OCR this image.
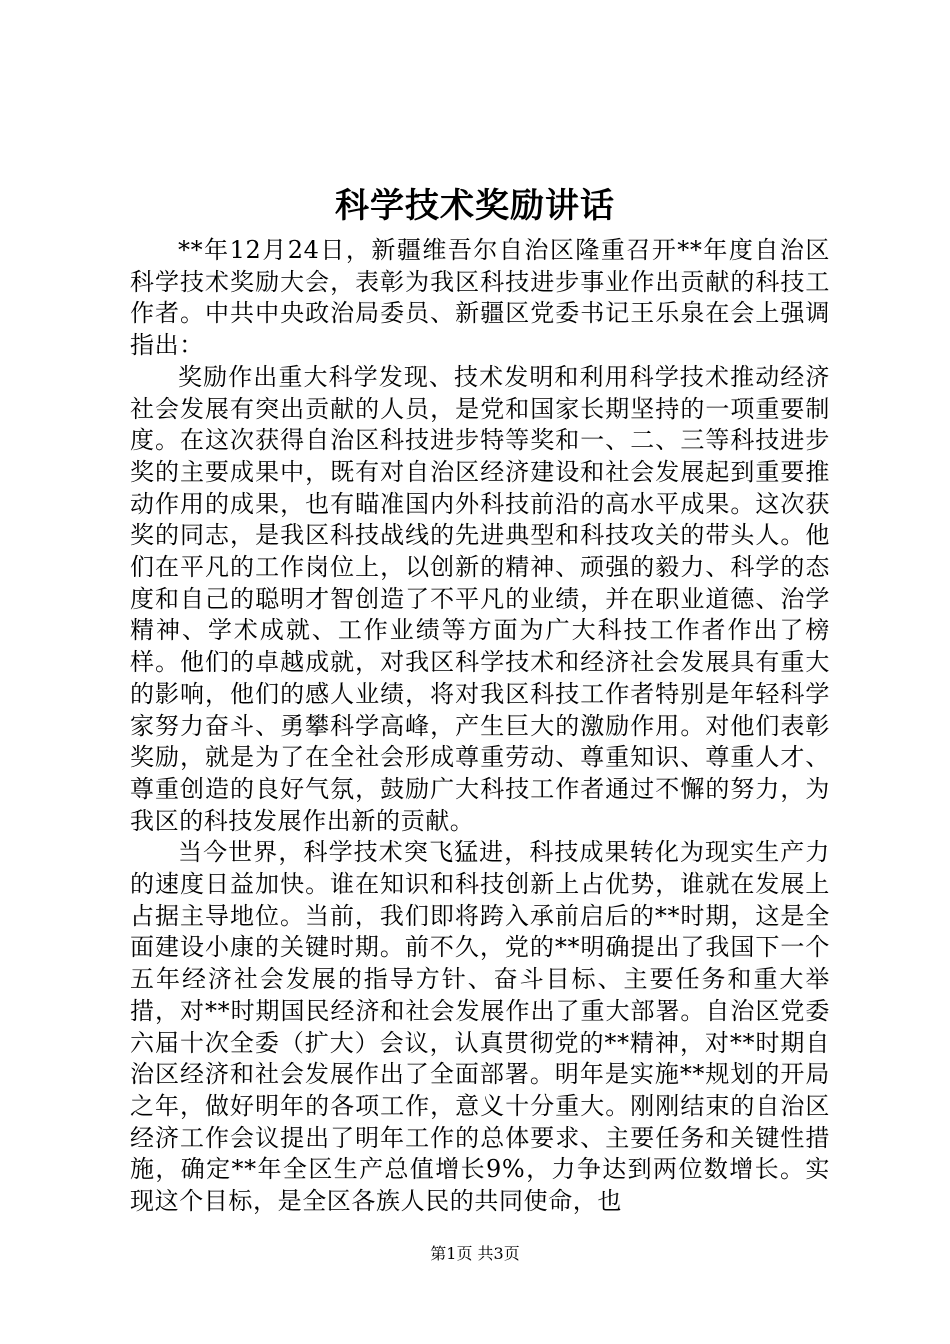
科学技术奖励讲话

**年12月24日，新疆维吾尔自治区隆重召开**年度自治区科学技术奖励大会，表彰为我区科技进步事业作出贡献的科技工作者。中共中央政治局委员、新疆区党委书记王乐泉在会上强调指出：

奖励作出重大科学发现、技术发明和利用科学技术推动经济社会发展有突出贡献的人员，是党和国家长期坚持的一项重要制度。在这次获得自治区科技进步特等奖和一、二、三等科技进步奖的主要成果中，既有对自治区经济建设和社会发展起到重要推动作用的成果，也有瞄准国内外科技前沿的高水平成果。这次获奖的同志，是我区科技战线的先进典型和科技攻关的带头人。他们在平凡的工作岗位上，以创新的精神、顽强的毅力、科学的态度和自己的聪明才智创造了不平凡的业绩，并在职业道德、治学精神、学术成就、工作业绩等方面为广大科技工作者作出了榜样。他们的卓越成就，对我区科学技术和经济社会发展具有重大的影响，他们的感人业绩，将对我区科技工作者特别是年轻科学家努力奋斗、勇攀科学高峰，产生巨大的激励作用。对他们表彰奖励，就是为了在全社会形成尊重劳动、尊重知识、尊重人才、尊重创造的良好气氛，鼓励广大科技工作者通过不懈的努力，为我区的科技发展作出新的贡献。

当今世界，科学技术突飞猛进，科技成果转化为现实生产力的速度日益加快。谁在知识和科技创新上占优势，谁就在发展上占据主导地位。当前，我们即将跨入承前启后的**时期，这是全面建设小康的关键时期。前不久，党的**明确提出了我国下一个五年经济社会发展的指导方针、奋斗目标、主要任务和重大举措，对**时期国民经济和社会发展作出了重大部署。自治区党委六届十次全委（扩大）会议，认真贯彻党的**精神，对**时期自治区经济和社会发展作出了全面部署。明年是实施**规划的开局之年，做好明年的各项工作，意义十分重大。刚刚结束的自治区经济工作会议提出了明年工作的总体要求、主要任务和关键性措施，确定**年全区生产总值增长9%，力争达到两位数增长。实现这个目标，是全区各族人民的共同使命，也

第1页 共3页
